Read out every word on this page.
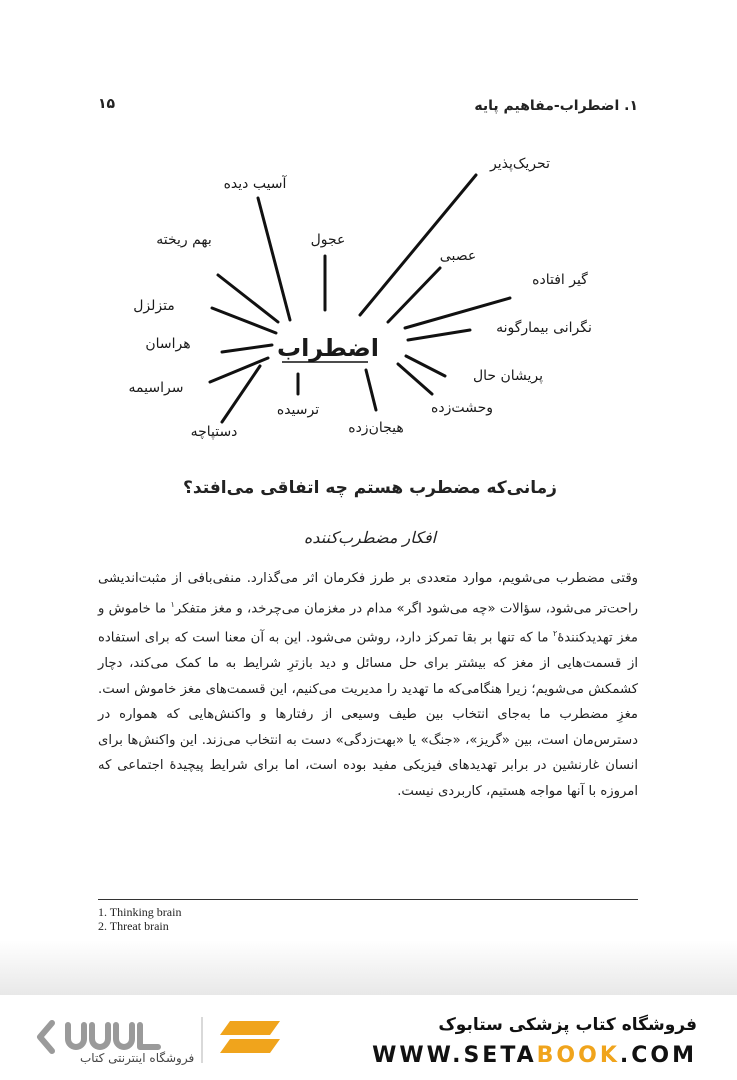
۱. اضطراب-مفاهیم پایه
۱۵
اضطراب
آسیب دیده
تحریک‌پذیر
عجول
بهم ریخته
عصبی
گیر افتاده
متزلزل
نگرانی بیمارگونه
هراسان
پریشان حال
سراسیمه
وحشت‌زده
ترسیده
دستپاچه	هیجان‌زده
زمانی‌که مضطرب هستم چه اتفاقی می‌افتد؟
افکار مضطرب‌کننده
وقتی مضطرب می‌شویم، موارد متعددی بر طرز فکرمان اثر می‌گذارد. منفی‌بافی از مثبت‌اندیشی راحت‌تر می‌شود، سؤالات «چه می‌شود اگر» مدام در مغزمان می‌چرخد، و مغز متفکر$^۱$ ما خاموش و مغز تهدیدکنندهٔ$^۲$ ما که تنها بر بقا تمرکز دارد، روشن می‌شود. این به آن معنا است که برای استفاده از قسمت‌هایی از مغز که بیشتر برای حل مسائل و دید بازترِ شرایط به ما کمک می‌کند، دچار کشمکش می‌شویم؛ زیرا هنگامی‌که ما تهدید را مدیریت می‌کنیم، این قسمت‌های مغز خاموش است. مغزِ مضطرب ما به‌جای انتخاب بین طیف وسیعی از رفتارها و واکنش‌هایی که همواره در دسترس‌مان است، بین «گریز»، «جنگ» یا «بهت‌زدگی» دست به انتخاب می‌زند. این واکنش‌ها برای انسان غارنشین در برابر تهدیدهای فیزیکی مفید بوده است، اما برای شرایط پیچیدهٔ اجتماعی که امروزه با آنها مواجه هستیم، کاربردی نیست.
1. Thinking brain
2. Threat brain
فروشگاه اینترنتی کتاب
فروشگاه کتاب پزشکی ستابوک
WWW.SETABOOK.COM
